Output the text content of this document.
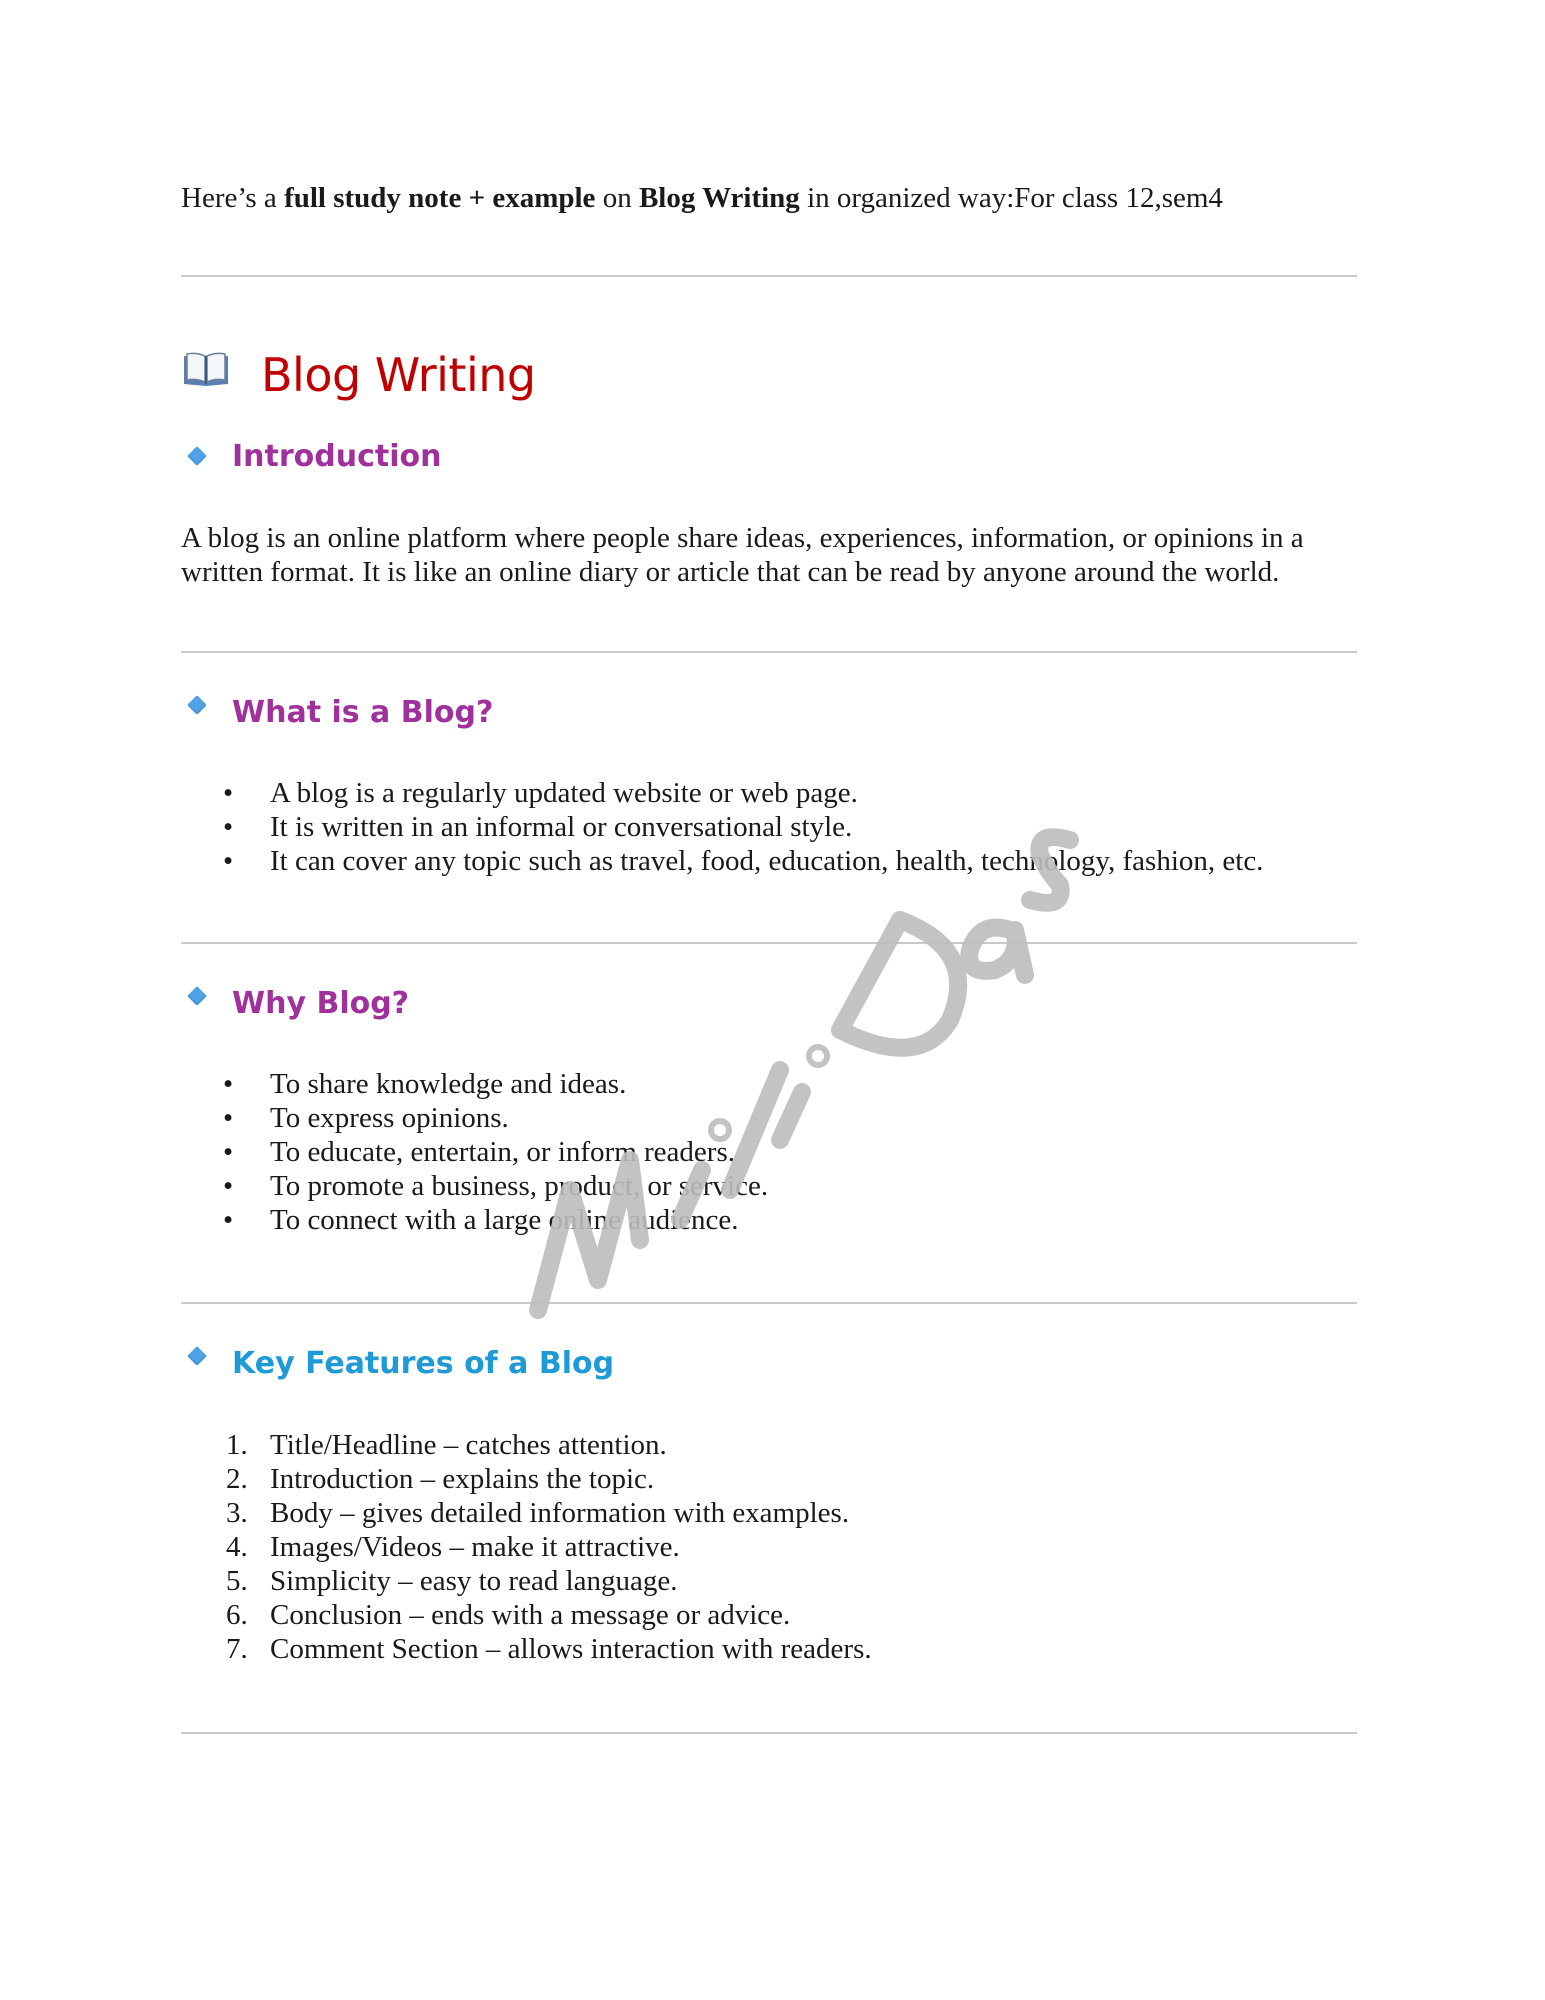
Here’s a full study note + example on Blog Writing in organized way:For class 12,sem4
Blog Writing
Introduction
A blog is an online platform where people share ideas, experiences, information, or opinions in a written format. It is like an online diary or article that can be read by anyone around the world.
What is a Blog?
• A blog is a regularly updated website or web page.
• It is written in an informal or conversational style.
• It can cover any topic such as travel, food, education, health, technology, fashion, etc.
Why Blog?
• To share knowledge and ideas.
• To express opinions.
• To educate, entertain, or inform readers.
• To promote a business, product, or service.
• To connect with a large online audience.
Key Features of a Blog
1. Title/Headline – catches attention.
2. Introduction – explains the topic.
3. Body – gives detailed information with examples.
4. Images/Videos – make it attractive.
5. Simplicity – easy to read language.
6. Conclusion – ends with a message or advice.
7. Comment Section – allows interaction with readers.
